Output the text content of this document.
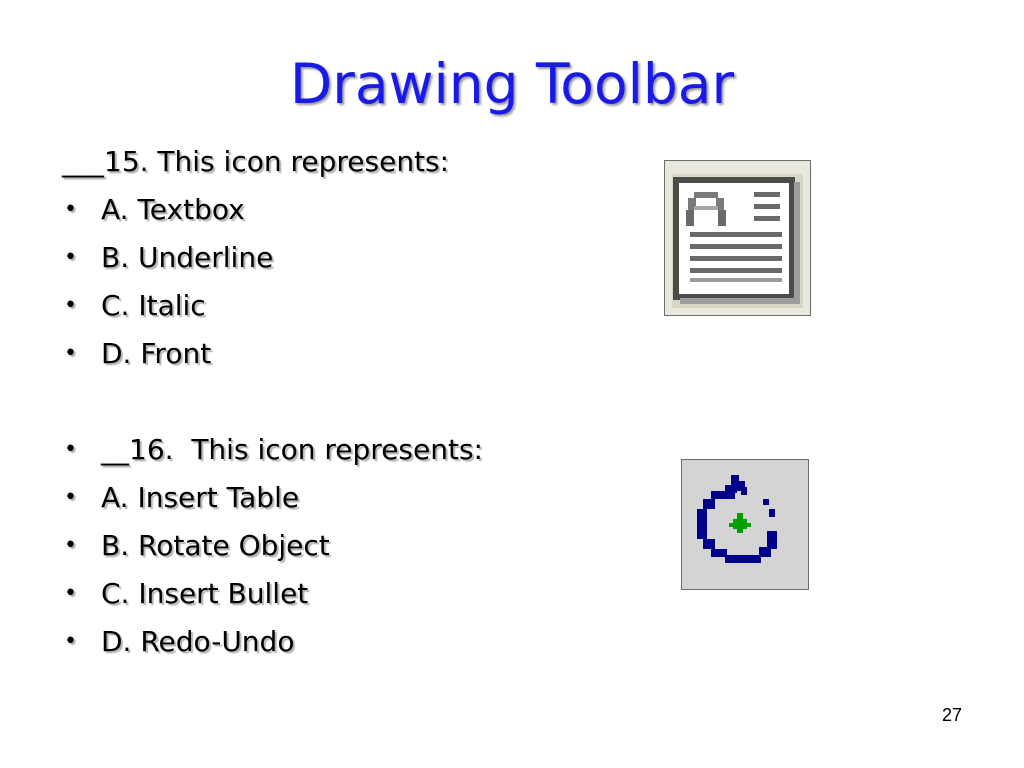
Drawing Toolbar
___15. This icon represents:
• A. Textbox
• B. Underline
• C. Italic
• D. Front
• __16.  This icon represents:
• A. Insert Table
• B. Rotate Object
• C. Insert Bullet
• D. Redo-Undo
27
